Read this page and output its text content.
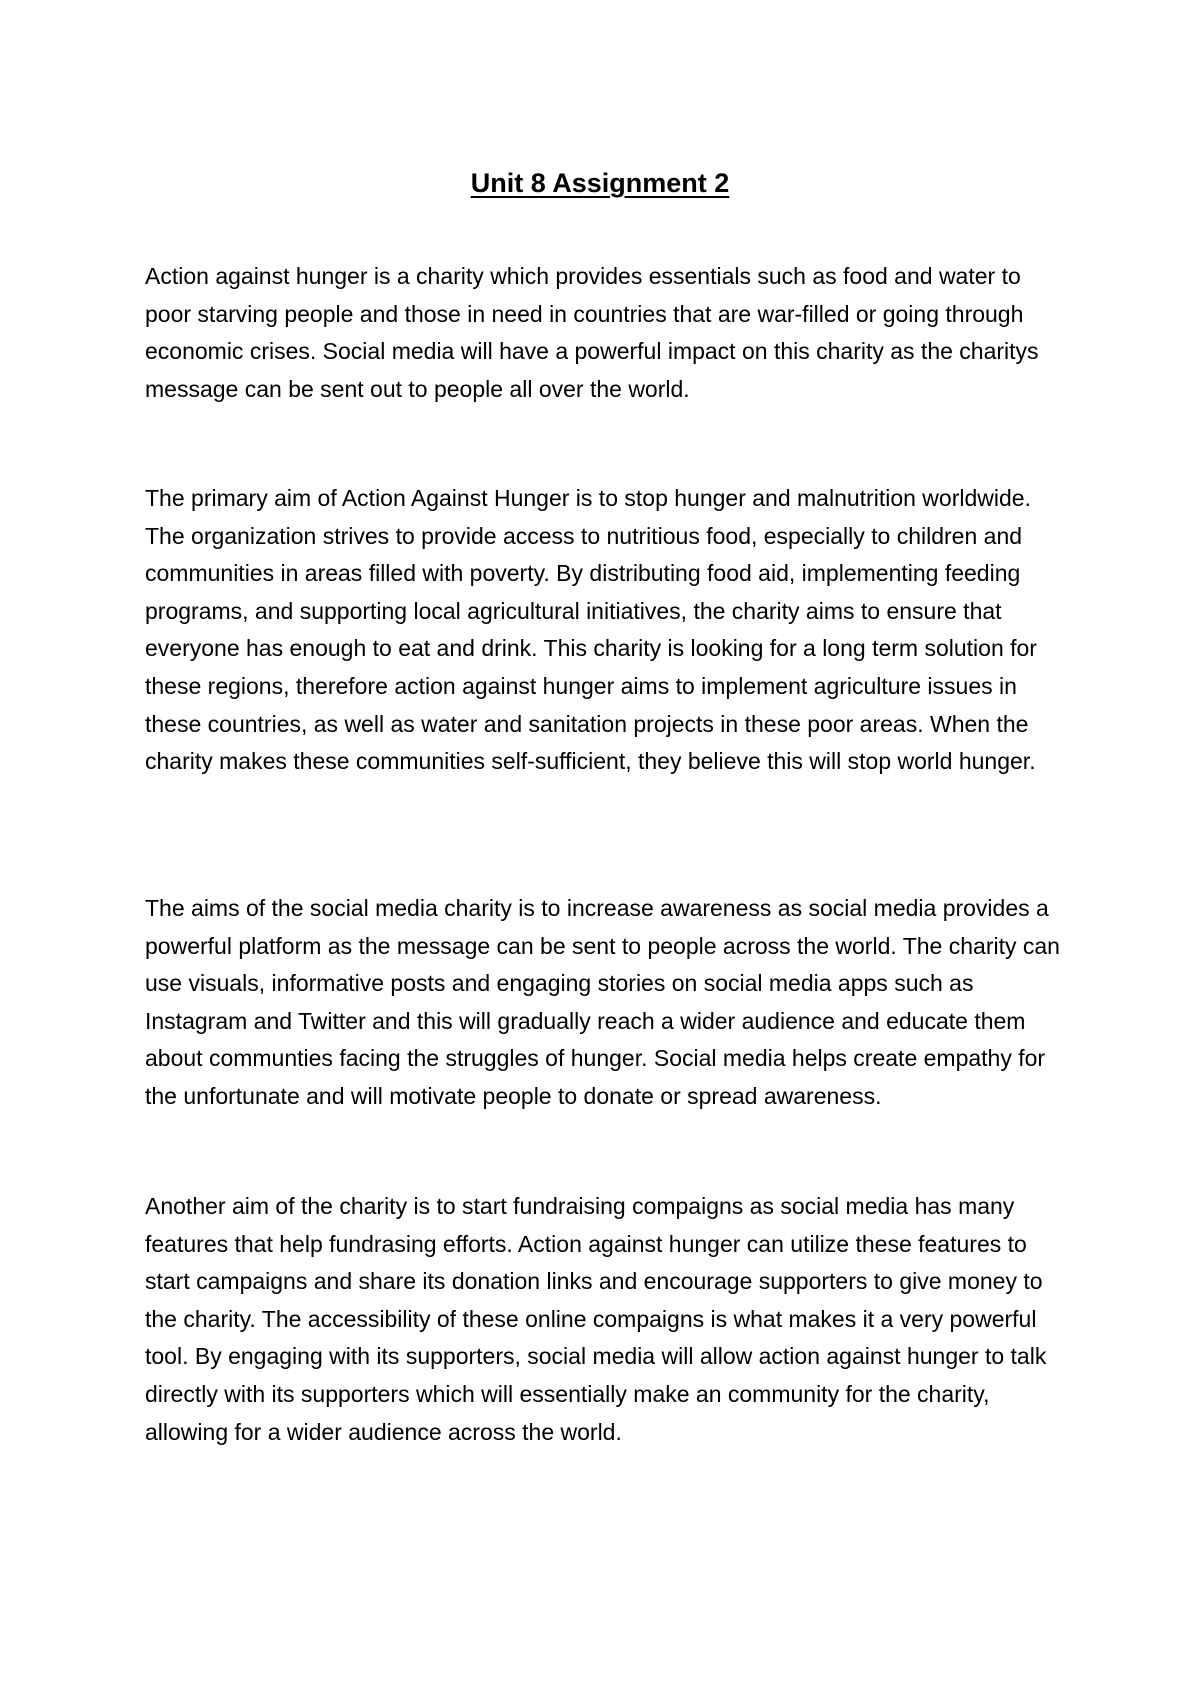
Unit 8 Assignment 2

Action against hunger is a charity which provides essentials such as food and water to poor starving people and those in need in countries that are war-filled or going through economic crises. Social media will have a powerful impact on this charity as the charitys message can be sent out to people all over the world.

The primary aim of Action Against Hunger is to stop hunger and malnutrition worldwide. The organization strives to provide access to nutritious food, especially to children and communities in areas filled with poverty. By distributing food aid, implementing feeding programs, and supporting local agricultural initiatives, the charity aims to ensure that everyone has enough to eat and drink. This charity is looking for a long term solution for these regions, therefore action against hunger aims to implement agriculture issues in these countries, as well as water and sanitation projects in these poor areas. When the charity makes these communities self-sufficient, they believe this will stop world hunger.

The aims of the social media charity is to increase awareness as social media provides a powerful platform as the message can be sent to people across the world. The charity can use visuals, informative posts and engaging stories on social media apps such as Instagram and Twitter and this will gradually reach a wider audience and educate them about communties facing the struggles of hunger. Social media helps create empathy for the unfortunate and will motivate people to donate or spread awareness.

Another aim of the charity is to start fundraising compaigns as social media has many features that help fundrasing efforts. Action against hunger can utilize these features to start campaigns and share its donation links and encourage supporters to give money to the charity. The accessibility of these online compaigns is what makes it a very powerful tool. By engaging with its supporters, social media will allow action against hunger to talk directly with its supporters which will essentially make an community for the charity, allowing for a wider audience across the world.
